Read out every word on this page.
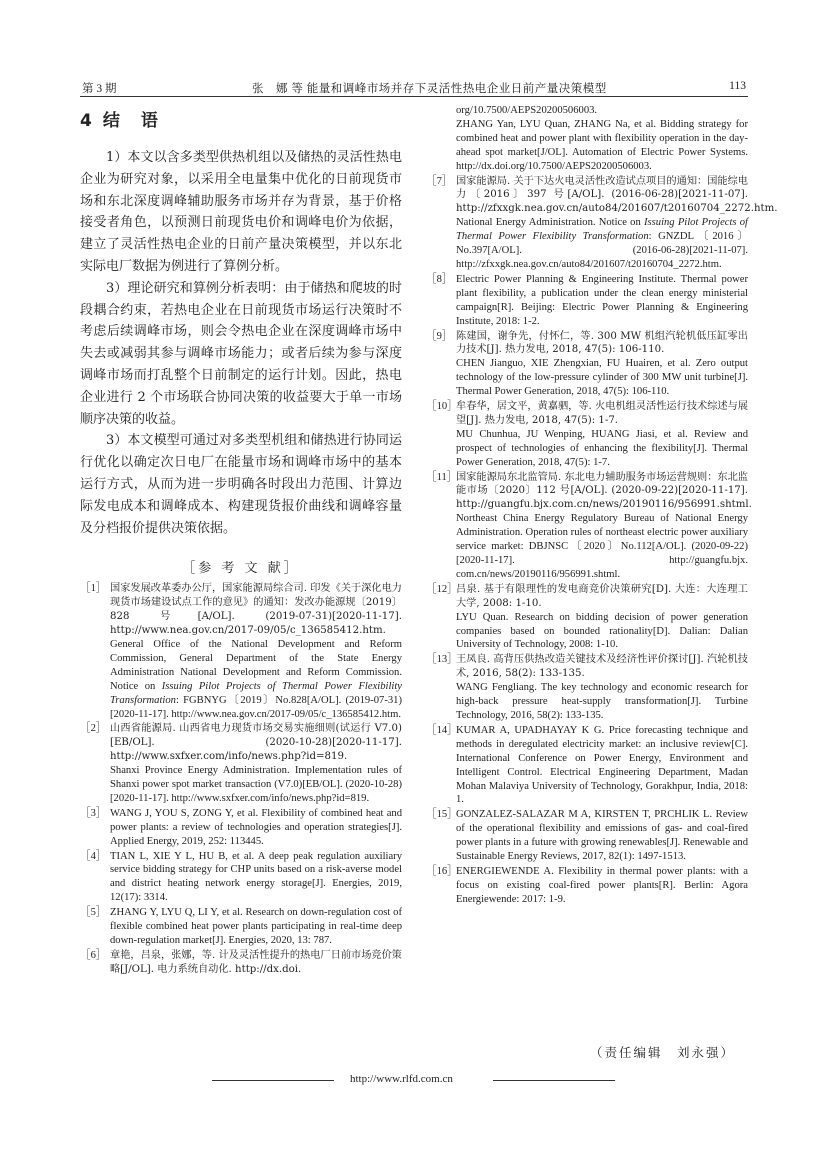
第 3 期	张　娜 等 能量和调峰市场并存下灵活性热电企业日前产量决策模型	113
4 结 语

1）本文以含多类型供热机组以及储热的灵活性热电企业为研究对象，以采用全电量集中优化的日前现货市场和东北深度调峰辅助服务市场并存为背景，基于价格接受者角色，以预测日前现货电价和调峰电价为依据，建立了灵活性热电企业的日前产量决策模型，并以东北实际电厂数据为例进行了算例分析。

3）理论研究和算例分析表明：由于储热和爬坡的时段耦合约束，若热电企业在日前现货市场运行决策时不考虑后续调峰市场，则会令热电企业在深度调峰市场中失去或减弱其参与调峰市场能力；或者后续为参与深度调峰市场而打乱整个日前制定的运行计划。因此，热电企业进行 2 个市场联合协同决策的收益要大于单一市场顺序决策的收益。

3）本文模型可通过对多类型机组和储热进行协同运行优化以确定次日电厂在能量市场和调峰市场中的基本运行方式，从而为进一步明确各时段出力范围、计算边际发电成本和调峰成本、构建现货报价曲线和调峰容量及分档报价提供决策依据。

［参 考 文 献］
［1］ 国家发展改革委办公厅，国家能源局综合司. 印发《关于深化电力现货市场建设试点工作的意见》的通知：发改办能源规〔2019〕828 号[A/OL]. (2019-07-31)[2020-11-17]. http://www.nea.gov.cn/2017-09/05/c_136585412.htm.
General Office of the National Development and Reform Commission, General Department of the State Energy Administration National Development and Reform Commission. Notice on Issuing Pilot Projects of Thermal Power Flexibility Transformation: FGBNYG〔2019〕No.828[A/OL]. (2019-07-31)[2020-11-17]. http://www.nea.gov.cn/2017-09/05/c_136585412.htm.
［2］ 山西省能源局. 山西省电力现货市场交易实施细则(试运行 V7.0)[EB/OL]. (2020-10-28)[2020-11-17]. http://www.sxfxer.com/info/news.php?id=819.
Shanxi Province Energy Administration. Implementation rules of Shanxi power spot market transaction (V7.0)[EB/OL]. (2020-10-28)[2020-11-17]. http://www.sxfxer.com/info/news.php?id=819.
［3］ WANG J, YOU S, ZONG Y, et al. Flexibility of combined heat and power plants: a review of technologies and operation strategies[J]. Applied Energy, 2019, 252: 113445.
［4］ TIAN L, XIE Y L, HU B, et al. A deep peak regulation auxiliary service bidding strategy for CHP units based on a risk-averse model and district heating network energy storage[J]. Energies, 2019, 12(17): 3314.
［5］ ZHANG Y, LYU Q, LI Y, et al. Research on down-regulation cost of flexible combined heat power plants participating in real-time deep down-regulation market[J]. Energies, 2020, 13: 787.
［6］ 章艳，吕泉，张娜，等. 计及灵活性提升的热电厂日前市场竞价策略[J/OL]. 电力系统自动化. http://dx.doi.
org/10.7500/AEPS20200506003.
ZHANG Yan, LYU Quan, ZHANG Na, et al. Bidding strategy for combined heat and power plant with flexibility operation in the day-ahead spot market[J/OL]. Automation of Electric Power Systems. http://dx.doi.org/10.7500/AEPS20200506003.
［7］ 国家能源局. 关于下达火电灵活性改造试点项目的通知：国能综电力〔2016〕397 号[A/OL]. (2016-06-28)[2021-11-07]. http://zfxxgk.nea.gov.cn/auto84/201607/t20160704_2272.htm.
National Energy Administration. Notice on Issuing Pilot Projects of Thermal Power Flexibility Transformation: GNZDL〔2016〕No.397[A/OL]. (2016-06-28)[2021-11-07]. http://zfxxgk.nea.gov.cn/auto84/201607/t20160704_2272.htm.
［8］ Electric Power Planning & Engineering Institute. Thermal power plant flexibility, a publication under the clean energy ministerial campaign[R]. Beijing: Electric Power Planning & Engineering Institute, 2018: 1-2.
［9］ 陈建国，谢争先，付怀仁，等. 300 MW 机组汽轮机低压缸零出力技术[J]. 热力发电, 2018, 47(5): 106-110.
CHEN Jianguo, XIE Zhengxian, FU Huairen, et al. Zero output technology of the low-pressure cylinder of 300 MW unit turbine[J]. Thermal Power Generation, 2018, 47(5): 106-110.
［10］
牟春华，居文平，黄嘉驷，等. 火电机组灵活性运行技术综述与展望[J]. 热力发电, 2018, 47(5): 1-7.
MU Chunhua, JU Wenping, HUANG Jiasi, et al. Review and prospect of technologies of enhancing the flexibility[J]. Thermal Power Generation, 2018, 47(5): 1-7.
［11］
国家能源局东北监管局. 东北电力辅助服务市场运营规则：东北监能市场〔2020〕112 号[A/OL]. (2020-09-22)[2020-11-17]. http://guangfu.bjx.com.cn/news/20190116/956991.shtml.
Northeast China Energy Regulatory Bureau of National Energy Administration. Operation rules of northeast electric power auxiliary service market: DBJNSC〔2020〕No.112[A/OL]. (2020-09-22)[2020-11-17]. http://guangfu.bjx. com.cn/news/20190116/956991.shtml.
［12］
吕泉. 基于有限理性的发电商竞价决策研究[D]. 大连：大连理工大学, 2008: 1-10.
LYU Quan. Research on bidding decision of power generation companies based on bounded rationality[D]. Dalian: Dalian University of Technology, 2008: 1-10.
［13］
王凤良. 高背压供热改造关键技术及经济性评价探讨[J]. 汽轮机技术, 2016, 58(2): 133-135.
WANG Fengliang. The key technology and economic research for high-back pressure heat-supply transformation[J]. Turbine Technology, 2016, 58(2): 133-135.
［14］
KUMAR A, UPADHAYAY K G. Price forecasting technique and methods in deregulated electricity market: an inclusive review[C]. International Conference on Power Energy, Environment and Intelligent Control. Electrical Engineering Department, Madan Mohan Malaviya University of Technology, Gorakhpur, India, 2018: 1.
［15］
GONZALEZ-SALAZAR M A, KIRSTEN T, PRCHLIK L. Review of the operational flexibility and emissions of gas- and coal-fired power plants in a future with growing renewables[J]. Renewable and Sustainable Energy Reviews, 2017, 82(1): 1497-1513.
［16］
ENERGIEWENDE A. Flexibility in thermal power plants: with a focus on existing coal-fired power plants[R]. Berlin: Agora Energiewende: 2017: 1-9.
（责任编辑　刘永强）
http://www.rlfd.com.cn
